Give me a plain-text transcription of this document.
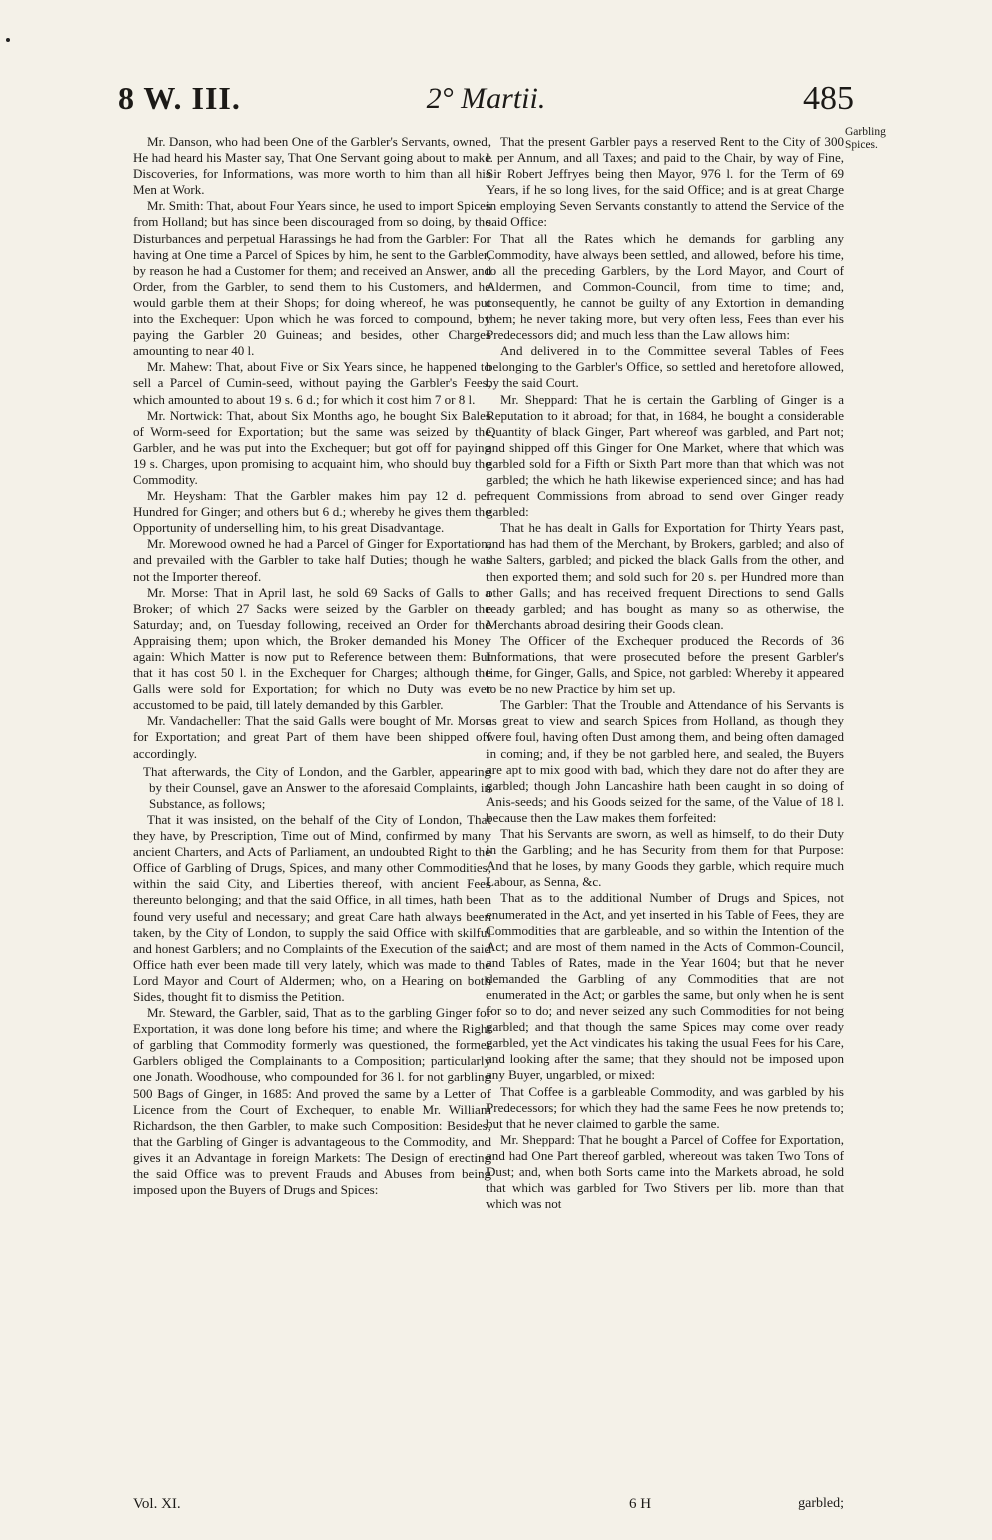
8 W. III.	2° Martii.	485

Mr. Danson, who had been One of the Garbler's Servants, owned, He had heard his Master say, That One Servant going about to make Discoveries, for Informations, was more worth to him than all his Men at Work.

Mr. Smith: That, about Four Years since, he used to import Spices from Holland; but has since been discouraged from so doing, by the Disturbances and perpetual Harassings he had from the Garbler: For having at One time a Parcel of Spices by him, he sent to the Garbler, by reason he had a Customer for them; and received an Answer, and Order, from the Garbler, to send them to his Customers, and he would garble them at their Shops; for doing whereof, he was put into the Exchequer: Upon which he was forced to compound, by paying the Garbler 20 Guineas; and besides, other Charges amounting to near 40 l.

Mr. Mahew: That, about Five or Six Years since, he happened to sell a Parcel of Cumin-seed, without paying the Garbler's Fees, which amounted to about 19 s. 6 d.; for which it cost him 7 or 8 l.

Mr. Nortwick: That, about Six Months ago, he bought Six Bales of Worm-seed for Exportation; but the same was seized by the Garbler, and he was put into the Exchequer; but got off for paying 19 s. Charges, upon promising to acquaint him, who should buy the Commodity.

Mr. Heysham: That the Garbler makes him pay 12 d. per Hundred for Ginger; and others but 6 d.; whereby he gives them the Opportunity of underselling him, to his great Disadvantage.

Mr. Morewood owned he had a Parcel of Ginger for Exportation, and prevailed with the Garbler to take half Duties; though he was not the Importer thereof.

Mr. Morse: That in April last, he sold 69 Sacks of Galls to a Broker; of which 27 Sacks were seized by the Garbler on the Saturday; and, on Tuesday following, received an Order for the Appraising them; upon which, the Broker demanded his Money again: Which Matter is now put to Reference between them: But that it has cost 50 l. in the Exchequer for Charges; although the Galls were sold for Exportation; for which no Duty was ever accustomed to be paid, till lately demanded by this Garbler.

Mr. Vandacheller: That the said Galls were bought of Mr. Morse for Exportation; and great Part of them have been shipped off accordingly.

That afterwards, the City of London, and the Garbler, appearing by their Counsel, gave an Answer to the aforesaid Complaints, in Substance, as follows;

That it was insisted, on the behalf of the City of London, That they have, by Prescription, Time out of Mind, confirmed by many ancient Charters, and Acts of Parliament, an undoubted Right to the Office of Garbling of Drugs, Spices, and many other Commodities, within the said City, and Liberties thereof, with ancient Fees thereunto belonging; and that the said Office, in all times, hath been found very useful and necessary; and great Care hath always been taken, by the City of London, to supply the said Office with skilful and honest Garblers; and no Complaints of the Execution of the said Office hath ever been made till very lately, which was made to the Lord Mayor and Court of Aldermen; who, on a Hearing on both Sides, thought fit to dismiss the Petition.

Mr. Steward, the Garbler, said, That as to the garbling Ginger for Exportation, it was done long before his time; and where the Right of garbling that Commodity formerly was questioned, the former Garblers obliged the Complainants to a Composition; particularly one Jonath. Woodhouse, who compounded for 36 l. for not garbling 500 Bags of Ginger, in 1685: And proved the same by a Letter of Licence from the Court of Exchequer, to enable Mr. William Richardson, the then Garbler, to make such Composition: Besides, that the Garbling of Ginger is advantageous to the Commodity, and gives it an Advantage in foreign Markets: The Design of erecting the said Office was to prevent Frauds and Abuses from being imposed upon the Buyers of Drugs and Spices:

That the present Garbler pays a reserved Rent to the City of 300 l. per Annum, and all Taxes; and paid to the Chair, by way of Fine, Sir Robert Jeffryes being then Mayor, 976 l. for the Term of 69 Years, if he so long lives, for the said Office; and is at great Charge in employing Seven Servants constantly to attend the Service of the said Office:

That all the Rates which he demands for garbling any Commodity, have always been settled, and allowed, before his time, to all the preceding Garblers, by the Lord Mayor, and Court of Aldermen, and Common-Council, from time to time; and, consequently, he cannot be guilty of any Extortion in demanding them; he never taking more, but very often less, Fees than ever his Predecessors did; and much less than the Law allows him:

And delivered in to the Committee several Tables of Fees belonging to the Garbler's Office, so settled and heretofore allowed, by the said Court.

Mr. Sheppard: That he is certain the Garbling of Ginger is a Reputation to it abroad; for that, in 1684, he bought a considerable Quantity of black Ginger, Part whereof was garbled, and Part not; and shipped off this Ginger for One Market, where that which was garbled sold for a Fifth or Sixth Part more than that which was not garbled; the which he hath likewise experienced since; and has had frequent Commissions from abroad to send over Ginger ready garbled:

That he has dealt in Galls for Exportation for Thirty Years past, and has had them of the Merchant, by Brokers, garbled; and also of the Salters, garbled; and picked the black Galls from the other, and then exported them; and sold such for 20 s. per Hundred more than other Galls; and has received frequent Directions to send Galls ready garbled; and has bought as many so as otherwise, the Merchants abroad desiring their Goods clean.

The Officer of the Exchequer produced the Records of 36 Informations, that were prosecuted before the present Garbler's time, for Ginger, Galls, and Spice, not garbled: Whereby it appeared to be no new Practice by him set up.

The Garbler: That the Trouble and Attendance of his Servants is as great to view and search Spices from Holland, as though they were foul, having often Dust among them, and being often damaged in coming; and, if they be not garbled here, and sealed, the Buyers are apt to mix good with bad, which they dare not do after they are garbled; though John Lancashire hath been caught in so doing of Anis-seeds; and his Goods seized for the same, of the Value of 18 l. because then the Law makes them forfeited:

That his Servants are sworn, as well as himself, to do their Duty in the Garbling; and he has Security from them for that Purpose: And that he loses, by many Goods they garble, which require much Labour, as Senna, &c.

That as to the additional Number of Drugs and Spices, not enumerated in the Act, and yet inserted in his Table of Fees, they are Commodities that are garbleable, and so within the Intention of the Act; and are most of them named in the Acts of Common-Council, and Tables of Rates, made in the Year 1604; but that he never demanded the Garbling of any Commodities that are not enumerated in the Act; or garbles the same, but only when he is sent for so to do; and never seized any such Commodities for not being garbled; and that though the same Spices may come over ready garbled, yet the Act vindicates his taking the usual Fees for his Care, and looking after the same; that they should not be imposed upon any Buyer, ungarbled, or mixed:

That Coffee is a garbleable Commodity, and was garbled by his Predecessors; for which they had the same Fees he now pretends to; but that he never claimed to garble the same.

Mr. Sheppard: That he bought a Parcel of Coffee for Exportation, and had One Part thereof garbled, whereout was taken Two Tons of Dust; and, when both Sorts came into the Markets abroad, he sold that which was garbled for Two Stivers per lib. more than that which was not

Garbling Spices.
Vol. XI.	6 H	garbled;
